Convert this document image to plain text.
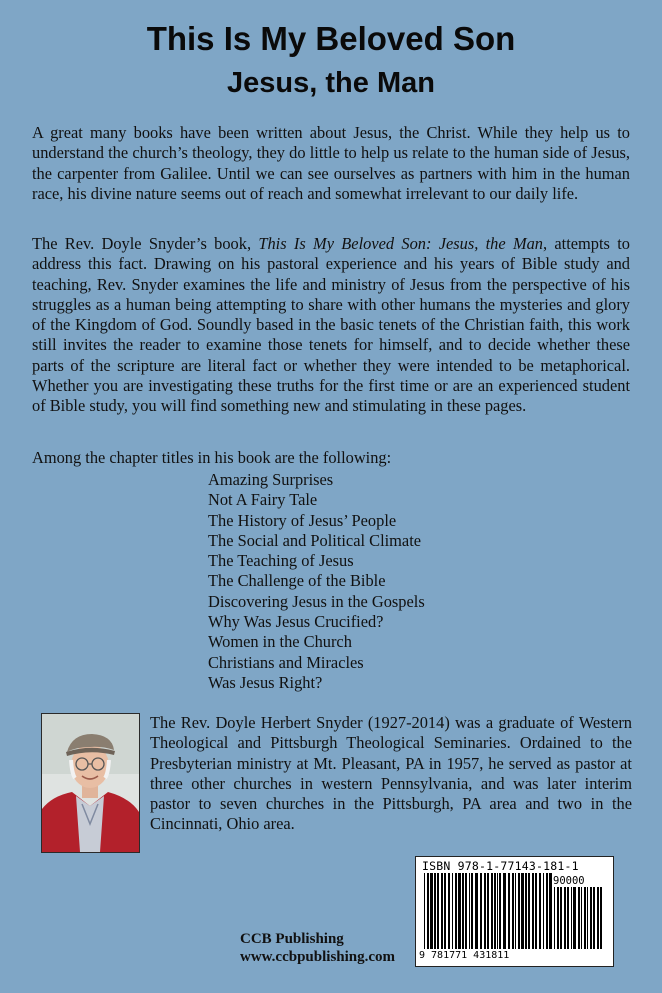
This Is My Beloved Son
Jesus, the Man

A great many books have been written about Jesus, the Christ. While they help us to understand the church’s theology, they do little to help us relate to the human side of Jesus, the carpenter from Galilee. Until we can see ourselves as partners with him in the human race, his divine nature seems out of reach and somewhat irrelevant to our daily life.

The Rev. Doyle Snyder’s book, This Is My Beloved Son: Jesus, the Man, attempts to address this fact. Drawing on his pastoral experience and his years of Bible study and teaching, Rev. Snyder examines the life and ministry of Jesus from the perspective of his struggles as a human being attempting to share with other humans the mysteries and glory of the Kingdom of God. Soundly based in the basic tenets of the Christian faith, this work still invites the reader to examine those tenets for himself, and to decide whether these parts of the scripture are literal fact or whether they were intended to be metaphorical. Whether you are investigating these truths for the first time or are an experienced student of Bible study, you will find something new and stimulating in these pages.

Among the chapter titles in his book are the following:

Amazing Surprises
Not A Fairy Tale
The History of Jesus’ People
The Social and Political Climate
The Teaching of Jesus
The Challenge of the Bible
Discovering Jesus in the Gospels
Why Was Jesus Crucified?
Women in the Church
Christians and Miracles
Was Jesus Right?

The Rev. Doyle Herbert Snyder (1927-2014) was a graduate of Western Theological and Pittsburgh Theological Seminaries. Ordained to the Presbyterian ministry at Mt. Pleasant, PA in 1957, he served as pastor at three other churches in western Pennsylvania, and was later interim pastor to seven churches in the Pittsburgh, PA area and two in the Cincinnati, Ohio area.

ISBN 978-1-77143-181-1
90000
9 781771 431811
CCB Publishing
www.ccbpublishing.com
